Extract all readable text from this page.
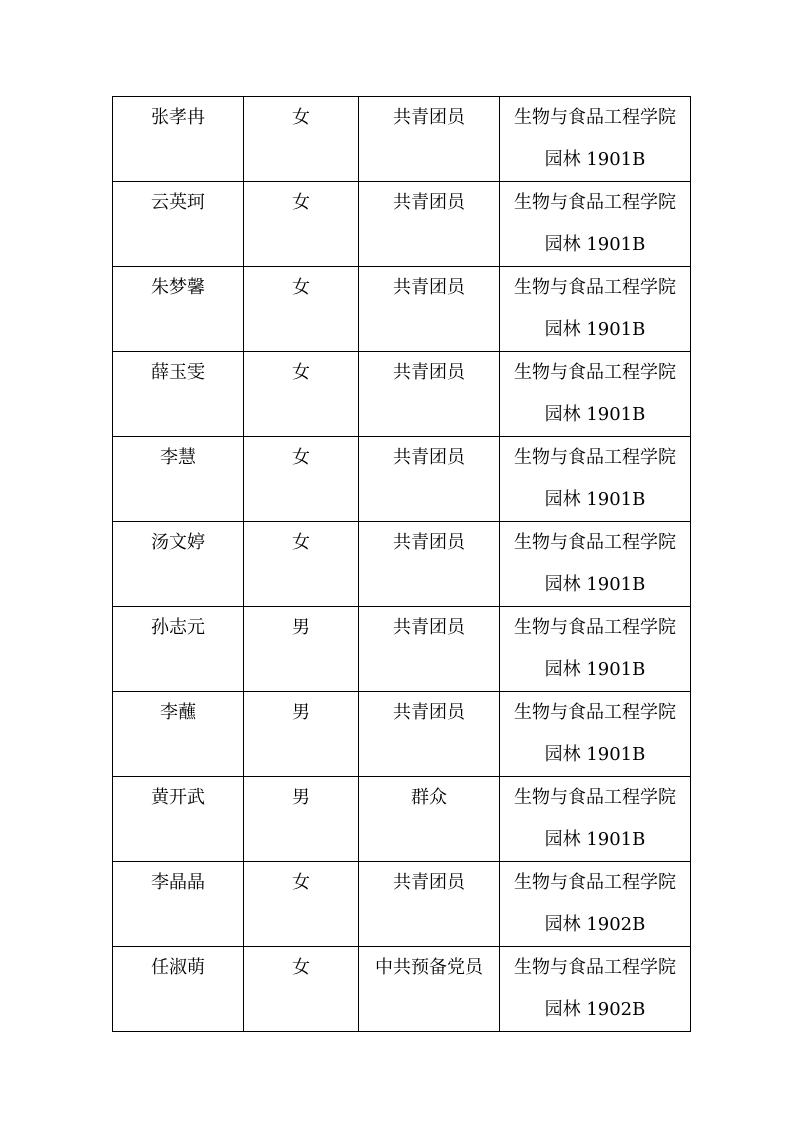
张孝冉	女	共青团员	生物与食品工程学院
园林 1901B

云英珂	女	共青团员	生物与食品工程学院
园林 1901B

朱梦馨	女	共青团员	生物与食品工程学院
园林 1901B

薛玉雯	女	共青团员	生物与食品工程学院
园林 1901B

李慧	女	共青团员	生物与食品工程学院
园林 1901B

汤文婷	女	共青团员	生物与食品工程学院
园林 1901B

孙志元	男	共青团员	生物与食品工程学院
园林 1901B

李蘸	男	共青团员	生物与食品工程学院
园林 1901B

黄开武	男	群众	生物与食品工程学院
园林 1901B

李晶晶	女	共青团员	生物与食品工程学院
园林 1902B

任淑萌	女	中共预备党员	生物与食品工程学院
园林 1902B
